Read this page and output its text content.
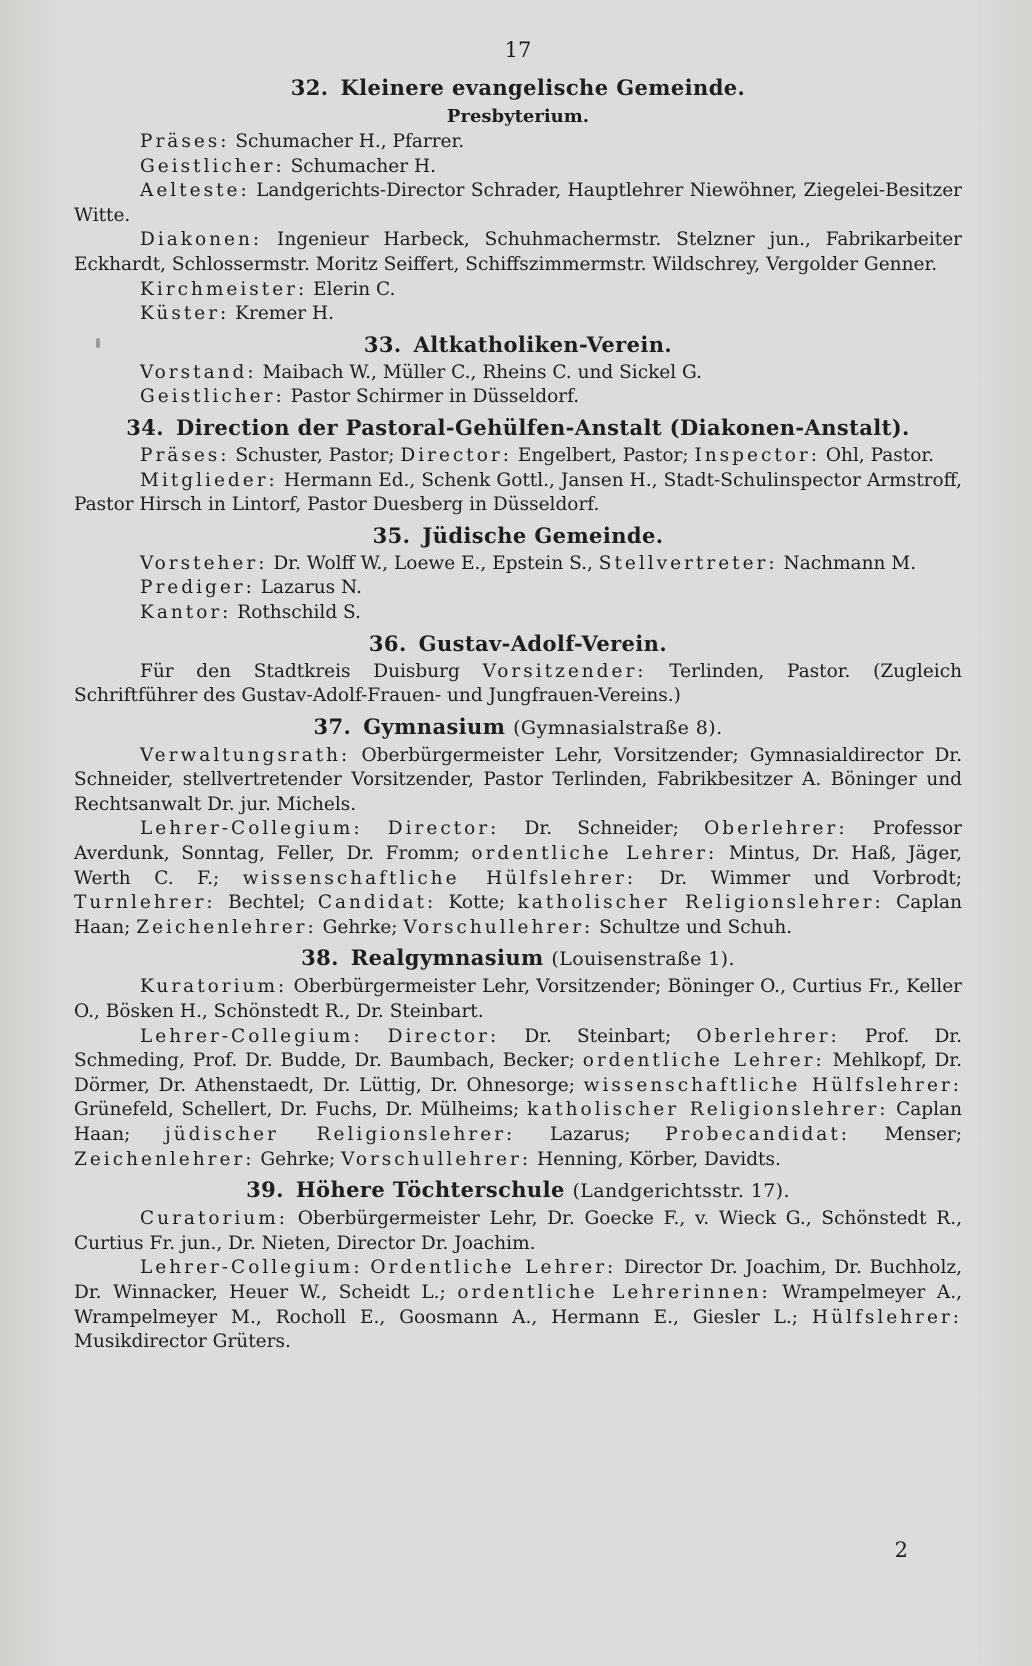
17
32. Kleinere evangelische Gemeinde.
Presbyterium.

Präses: Schumacher H., Pfarrer.

Geistlicher: Schumacher H.

Aelteste: Landgerichts-Director Schrader, Hauptlehrer Niewöhner, Ziegelei-Besitzer Witte.

Diakonen: Ingenieur Harbeck, Schuhmachermstr. Stelzner jun., Fabrikarbeiter Eckhardt, Schlossermstr. Moritz Seiffert, Schiffszimmermstr. Wildschrey, Vergolder Genner.

Kirchmeister: Elerin C.

Küster: Kremer H.

33. Altkatholiken-Verein.

Vorstand: Maibach W., Müller C., Rheins C. und Sickel G.

Geistlicher: Pastor Schirmer in Düsseldorf.

34. Direction der Pastoral-Gehülfen-Anstalt (Diakonen-Anstalt).

Präses: Schuster, Pastor; Director: Engelbert, Pastor; Inspector: Ohl, Pastor.

Mitglieder: Hermann Ed., Schenk Gottl., Jansen H., Stadt-Schulinspector Armstroff, Pastor Hirsch in Lintorf, Pastor Duesberg in Düsseldorf.

35. Jüdische Gemeinde.

Vorsteher: Dr. Wolff W., Loewe E., Epstein S., Stellvertreter: Nachmann M.

Prediger: Lazarus N.

Kantor: Rothschild S.

36. Gustav-Adolf-Verein.

Für den Stadtkreis Duisburg Vorsitzender: Terlinden, Pastor. (Zugleich Schriftführer des Gustav-Adolf-Frauen- und Jungfrauen-Vereins.)

37. Gymnasium (Gymnasialstraße 8).

Verwaltungsrath: Oberbürgermeister Lehr, Vorsitzender; Gymnasialdirector Dr. Schneider, stellvertretender Vorsitzender, Pastor Terlinden, Fabrikbesitzer A. Böninger und Rechtsanwalt Dr. jur. Michels.

Lehrer-Collegium: Director: Dr. Schneider; Oberlehrer: Professor Averdunk, Sonntag, Feller, Dr. Fromm; ordentliche Lehrer: Mintus, Dr. Haß, Jäger, Werth C. F.; wissenschaftliche Hülfslehrer: Dr. Wimmer und Vorbrodt; Turnlehrer: Bechtel; Candidat: Kotte; katholischer Religionslehrer: Caplan Haan; Zeichenlehrer: Gehrke; Vorschullehrer: Schultze und Schuh.

38. Realgymnasium (Louisenstraße 1).

Kuratorium: Oberbürgermeister Lehr, Vorsitzender; Böninger O., Curtius Fr., Keller O., Bösken H., Schönstedt R., Dr. Steinbart.

Lehrer-Collegium: Director: Dr. Steinbart; Oberlehrer: Prof. Dr. Schmeding, Prof. Dr. Budde, Dr. Baumbach, Becker; ordentliche Lehrer: Mehlkopf, Dr. Dörmer, Dr. Athenstaedt, Dr. Lüttig, Dr. Ohnesorge; wissenschaftliche Hülfslehrer: Grünefeld, Schellert, Dr. Fuchs, Dr. Mülheims; katholischer Religionslehrer: Caplan Haan; jüdischer Religionslehrer: Lazarus; Probecandidat: Menser; Zeichenlehrer: Gehrke; Vorschullehrer: Henning, Körber, Davidts.

39. Höhere Töchterschule (Landgerichtsstr. 17).

Curatorium: Oberbürgermeister Lehr, Dr. Goecke F., v. Wieck G., Schönstedt R., Curtius Fr. jun., Dr. Nieten, Director Dr. Joachim.

Lehrer-Collegium: Ordentliche Lehrer: Director Dr. Joachim, Dr. Buchholz, Dr. Winnacker, Heuer W., Scheidt L.; ordentliche Lehrerinnen: Wrampelmeyer A., Wrampelmeyer M., Rocholl E., Goosmann A., Hermann E., Giesler L.; Hülfslehrer: Musikdirector Grüters.

2
